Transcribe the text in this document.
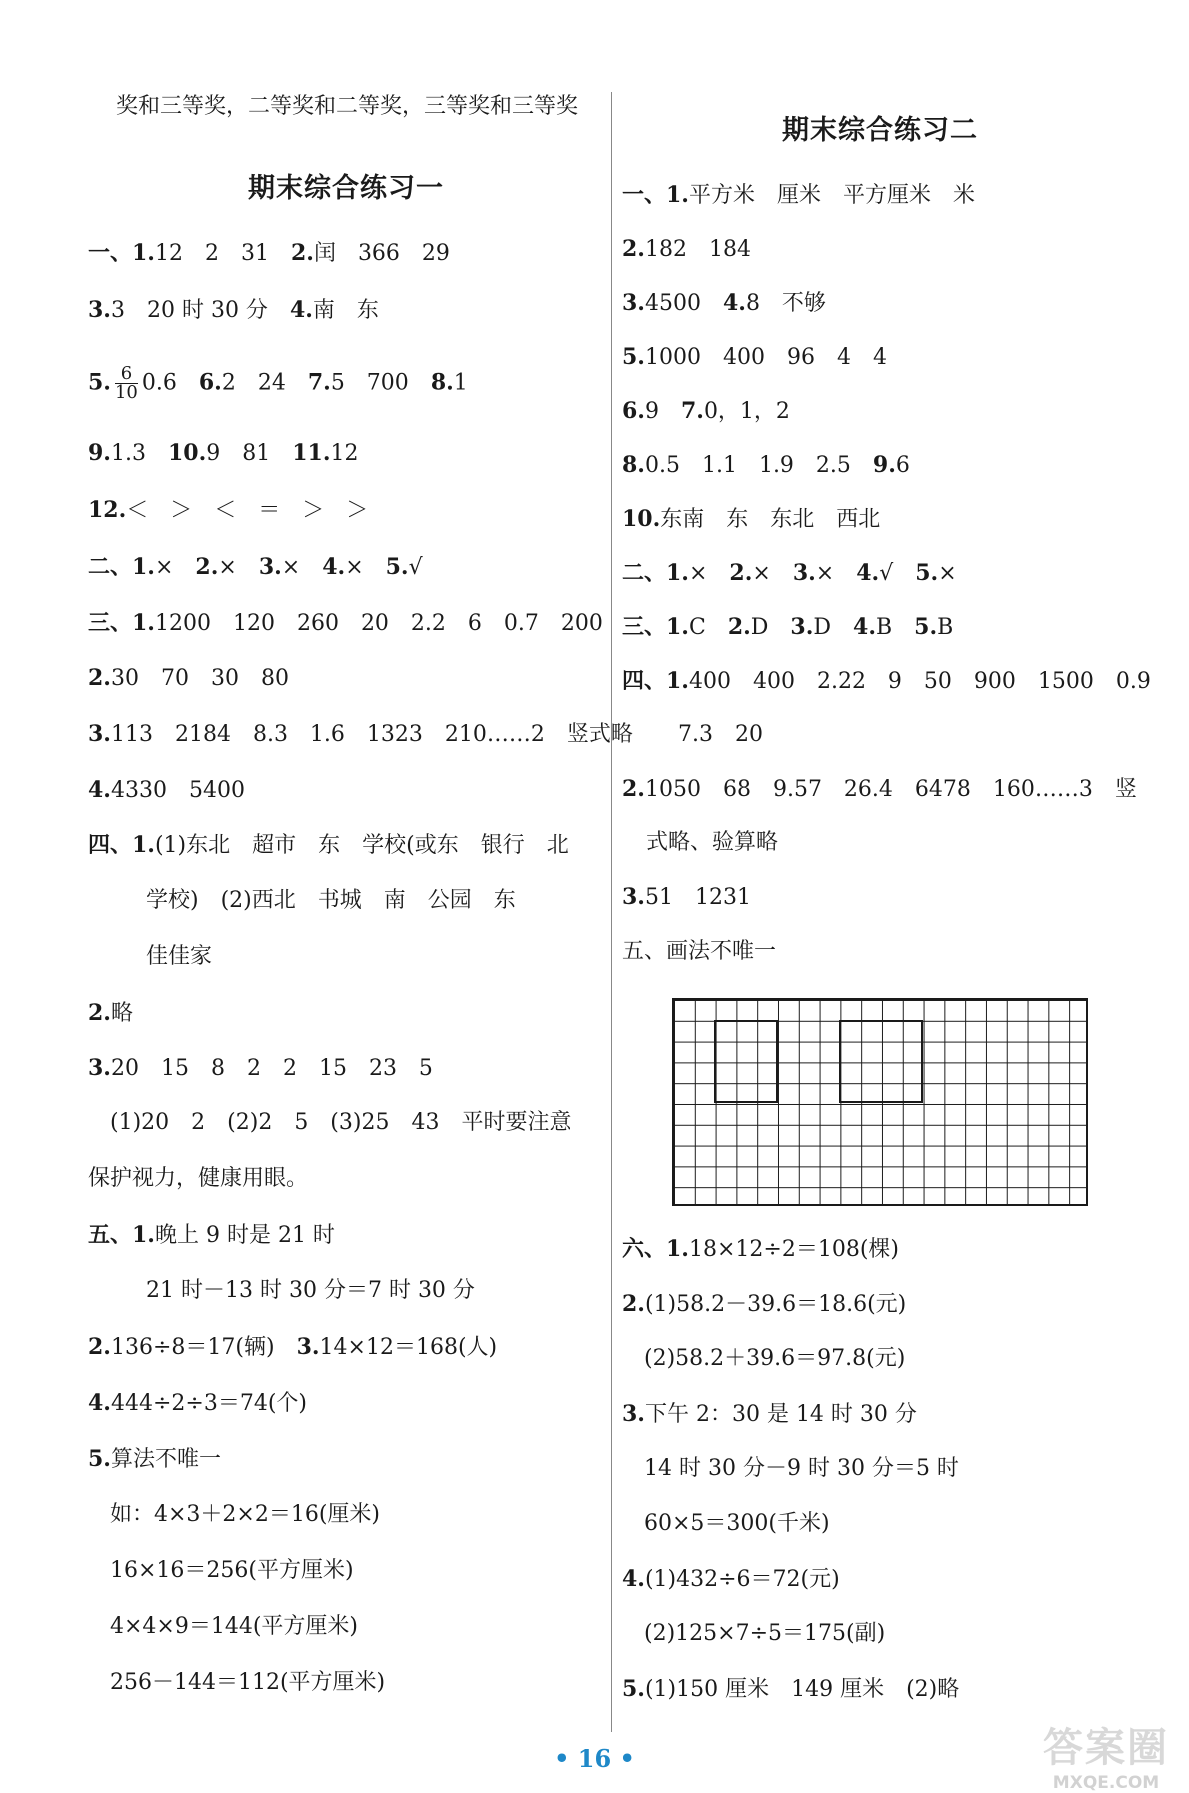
奖和三等奖，二等奖和二等奖，三等奖和三等奖
期末综合练习一
一、1.12　2　31　2.闰　366　29
3.3　20 时 30 分　4.南　东
5. $\frac{6}{10} 0.6$　6.2　24　7.5　700　8.1
9.1.3　10.9　81　11.12
12.＜　＞　＜　＝　＞　＞
二、1.×　2.×　3.×　4.×　5.√
三、1.1200　120　260　20　2.2　6　0.7　200
2.30　70　30　80
3.113　2184　8.3　1.6　1323　210……2　竖式略
4.4330　5400
四、1.(1)东北　超市　东　学校(或东　银行　北
学校)　(2)西北　书城　南　公园　东
佳佳家
2.略
3.20　15　8　2　2　15　23　5
(1)20　2　(2)2　5　(3)25　43　平时要注意
保护视力，健康用眼。
五、1.晚上 9 时是 21 时
21 时－13 时 30 分＝7 时 30 分
2.136÷8＝17(辆)　3.14×12＝168(人)
4.444÷2÷3＝74(个)
5.算法不唯一
如：4×3＋2×2＝16(厘米)
16×16＝256(平方厘米)
4×4×9＝144(平方厘米)
256－144＝112(平方厘米)
期末综合练习二
一、1.平方米　厘米　平方厘米　米
2.182　184
3.4500　4.8　不够
5.1000　400　96　4　4
6.9　7.0，1，2
8.0.5　1.1　1.9　2.5　9.6
10.东南　东　东北　西北
二、1.×　2.×　3.×　4.√　5.×
三、1.C　2.D　3.D　4.B　5.B
四、1.400　400　2.22　9　50　900　1500　0.9
7.3　20
2.1050　68　9.57　26.4　6478　160……3　竖
式略、验算略
3.51　1231
五、画法不唯一
六、1.18×12÷2＝108(棵)
2.(1)58.2－39.6＝18.6(元)
(2)58.2＋39.6＝97.8(元)
3.下午 2：30 是 14 时 30 分
14 时 30 分－9 时 30 分＝5 时
60×5＝300(千米)
4.(1)432÷6＝72(元)
(2)125×7÷5＝175(副)
5.(1)150 厘米　149 厘米　(2)略
• 16 •	答案圈
MXQE.COM
